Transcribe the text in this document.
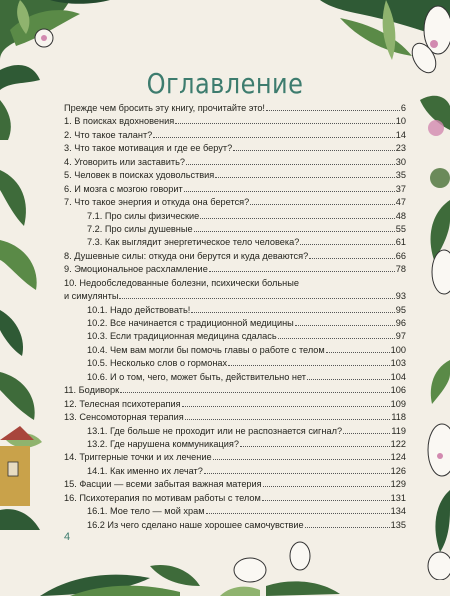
Оглавление
Прежде чем бросить эту книгу, прочитайте это!	6
1. В поисках вдохновения	10
2. Что такое талант?	14
3. Что такое мотивация и где ее берут?	23
4. Уговорить или заставить?	30
5. Человек в поисках удовольствия	35
6. И мозга с мозгою говорит	37
7. Что такое энергия и откуда она берется?	47
7.1. Про силы физические	48
7.2. Про силы душевные	55
7.3. Как выглядит энергетическое тело человека?	61
8. Душевные силы: откуда они берутся и куда деваются?	66
9. Эмоциональное расхламление	78
10. Недообследованные болезни, психически больные
и симулянты	93
10.1. Надо действовать!	95
10.2. Все начинается с традиционной медицины	96
10.3. Если традиционная медицина сдалась	97
10.4. Чем вам могли бы помочь главы о работе с телом	100
10.5. Несколько слов о гормонах	103
10.6. И о том, чего, может быть, действительно нет	104
11. Бодиворк	106
12. Телесная психотерапия	109
13. Сенсомоторная терапия	118
13.1. Где больше не проходит или не распознается сигнал?	119
13.2. Где нарушена коммуникация?	122
14. Триггерные точки и их лечение	124
14.1. Как именно их лечат?	126
15. Фасции — всеми забытая важная материя	129
16. Психотерапия по мотивам работы с телом	131
16.1. Мое тело — мой храм	134
16.2 Из чего сделано наше хорошее самочувствие	135
4
